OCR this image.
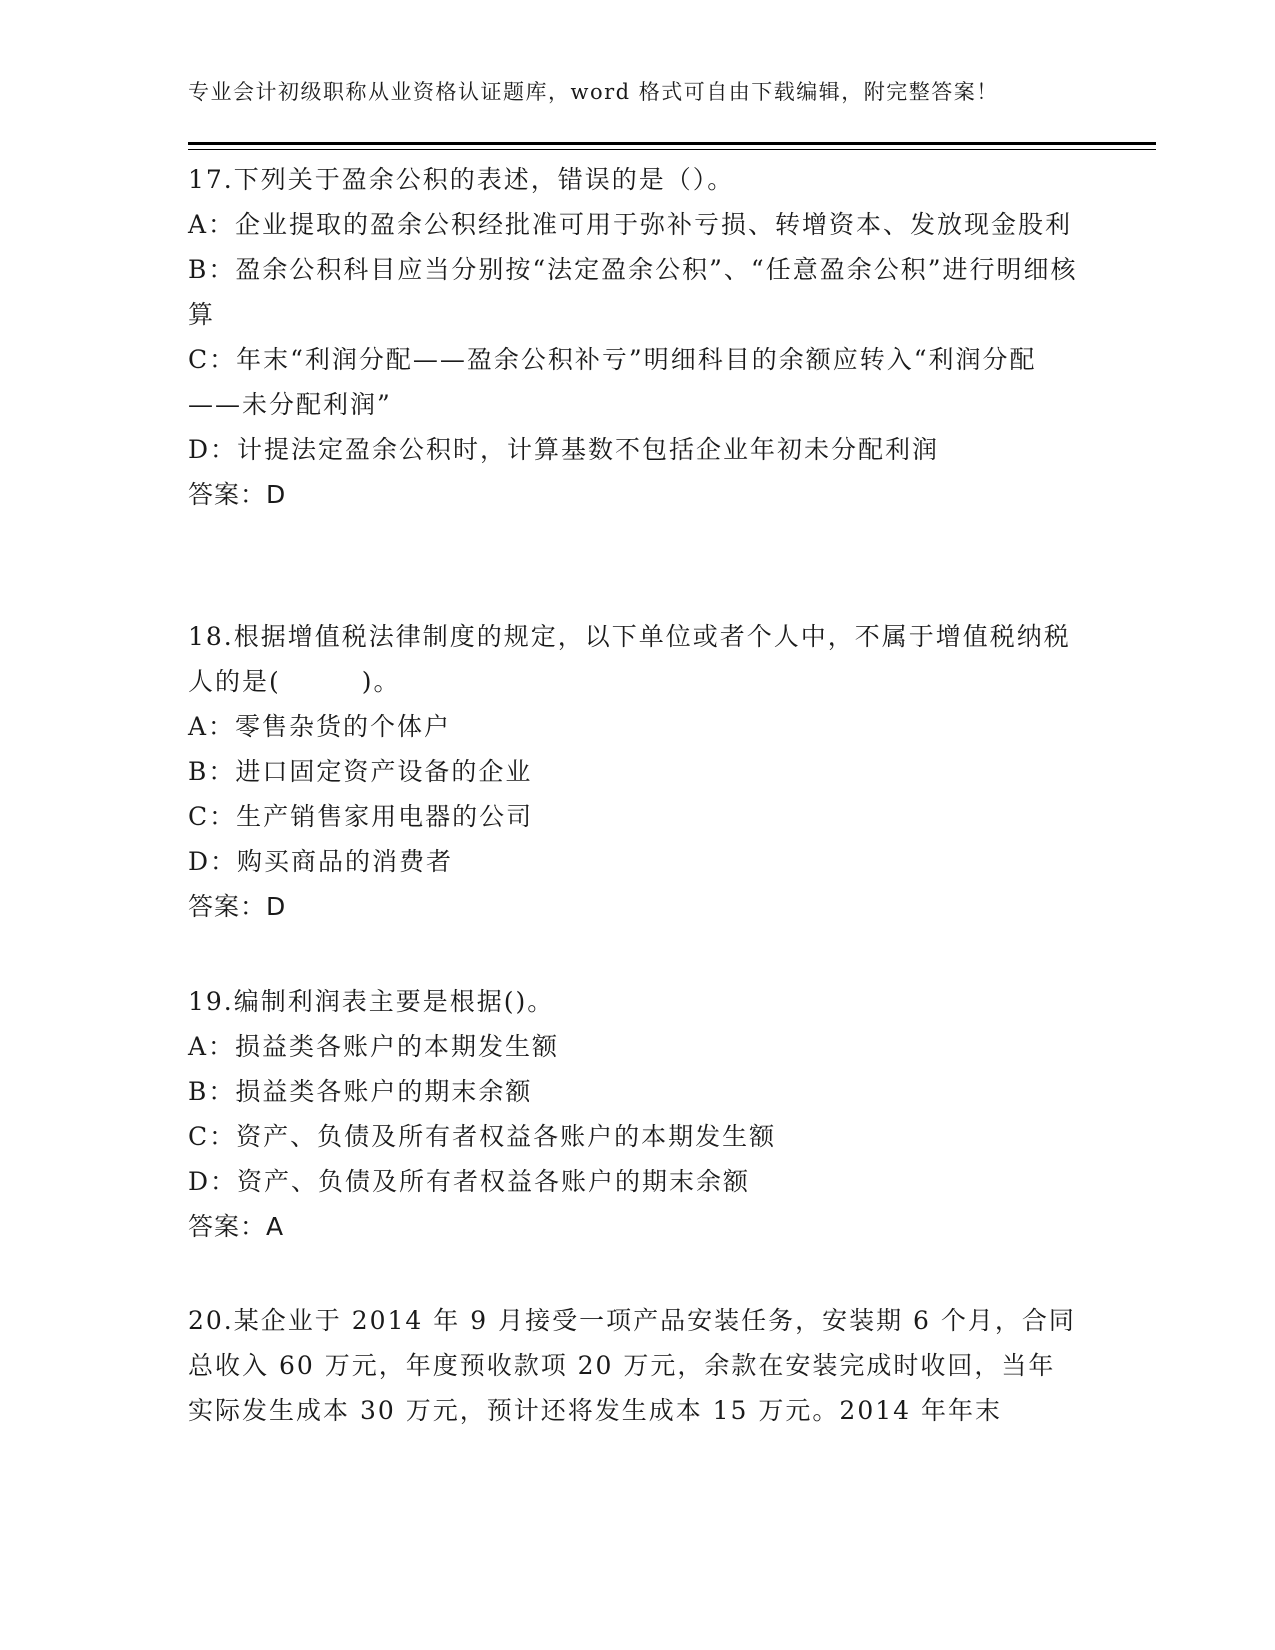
专业会计初级职称从业资格认证题库，word 格式可自由下载编辑，附完整答案！

17.下列关于盈余公积的表述，错误的是（）。

A：企业提取的盈余公积经批准可用于弥补亏损、转增资本、发放现金股利

B：盈余公积科目应当分别按“法定盈余公积”、“任意盈余公积”进行明细核算

C：年末“利润分配——盈余公积补亏”明细科目的余额应转入“利润分配——未分配利润”

D：计提法定盈余公积时，计算基数不包括企业年初未分配利润

答案：D

18.根据增值税法律制度的规定，以下单位或者个人中，不属于增值税纳税人的是(　　　)。

A：零售杂货的个体户

B：进口固定资产设备的企业

C：生产销售家用电器的公司

D：购买商品的消费者

答案：D

19.编制利润表主要是根据()。

A：损益类各账户的本期发生额

B：损益类各账户的期末余额

C：资产、负债及所有者权益各账户的本期发生额

D：资产、负债及所有者权益各账户的期末余额

答案：A

20.某企业于 2014 年 9 月接受一项产品安装任务，安装期 6 个月，合同总收入 60 万元，年度预收款项 20 万元，余款在安装完成时收回，当年实际发生成本 30 万元，预计还将发生成本 15 万元。2014 年年末
